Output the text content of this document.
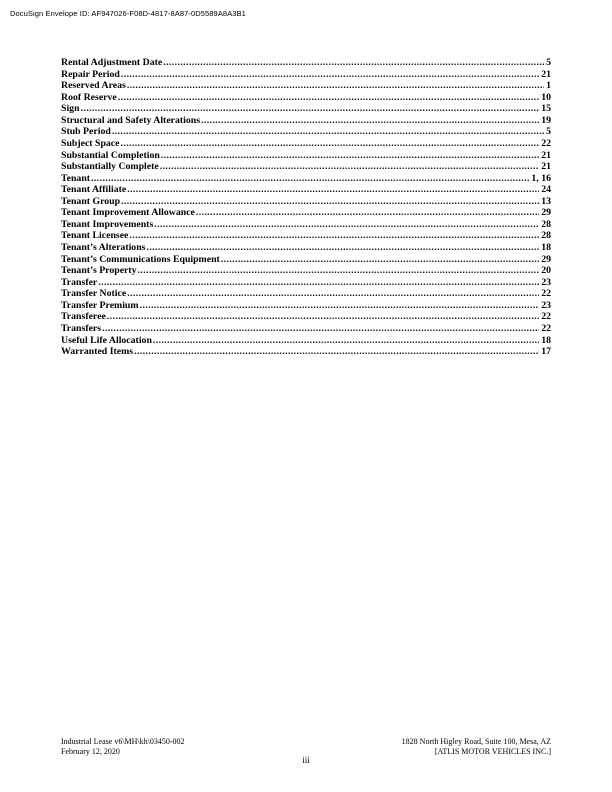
DocuSign Envelope ID: AF947026-F08D-4817-8A87-0D5589A8A3B1
Rental Adjustment Date .....	5
Repair Period .....	21
Reserved Areas .....	1
Roof Reserve .....	10
Sign .....	15
Structural and Safety Alterations .....	19
Stub Period .....	5
Subject Space .....	22
Substantial Completion .....	21
Substantially Complete .....	21
Tenant .....	1, 16
Tenant Affiliate .....	24
Tenant Group .....	13
Tenant Improvement Allowance .....	29
Tenant Improvements .....	28
Tenant Licensee .....	28
Tenant’s Alterations .....	18
Tenant’s Communications Equipment .....	29
Tenant’s Property .....	20
Transfer .....	23
Transfer Notice .....	22
Transfer Premium .....	23
Transferee .....	22
Transfers .....	22
Useful Life Allocation .....	18
Warranted Items .....	17
Industrial Lease v6\MH\kh\03450-002
February 12, 2020
1828 North Higley Road, Suite 100, Mesa, AZ
[ATLIS MOTOR VEHICLES INC.]
iii
